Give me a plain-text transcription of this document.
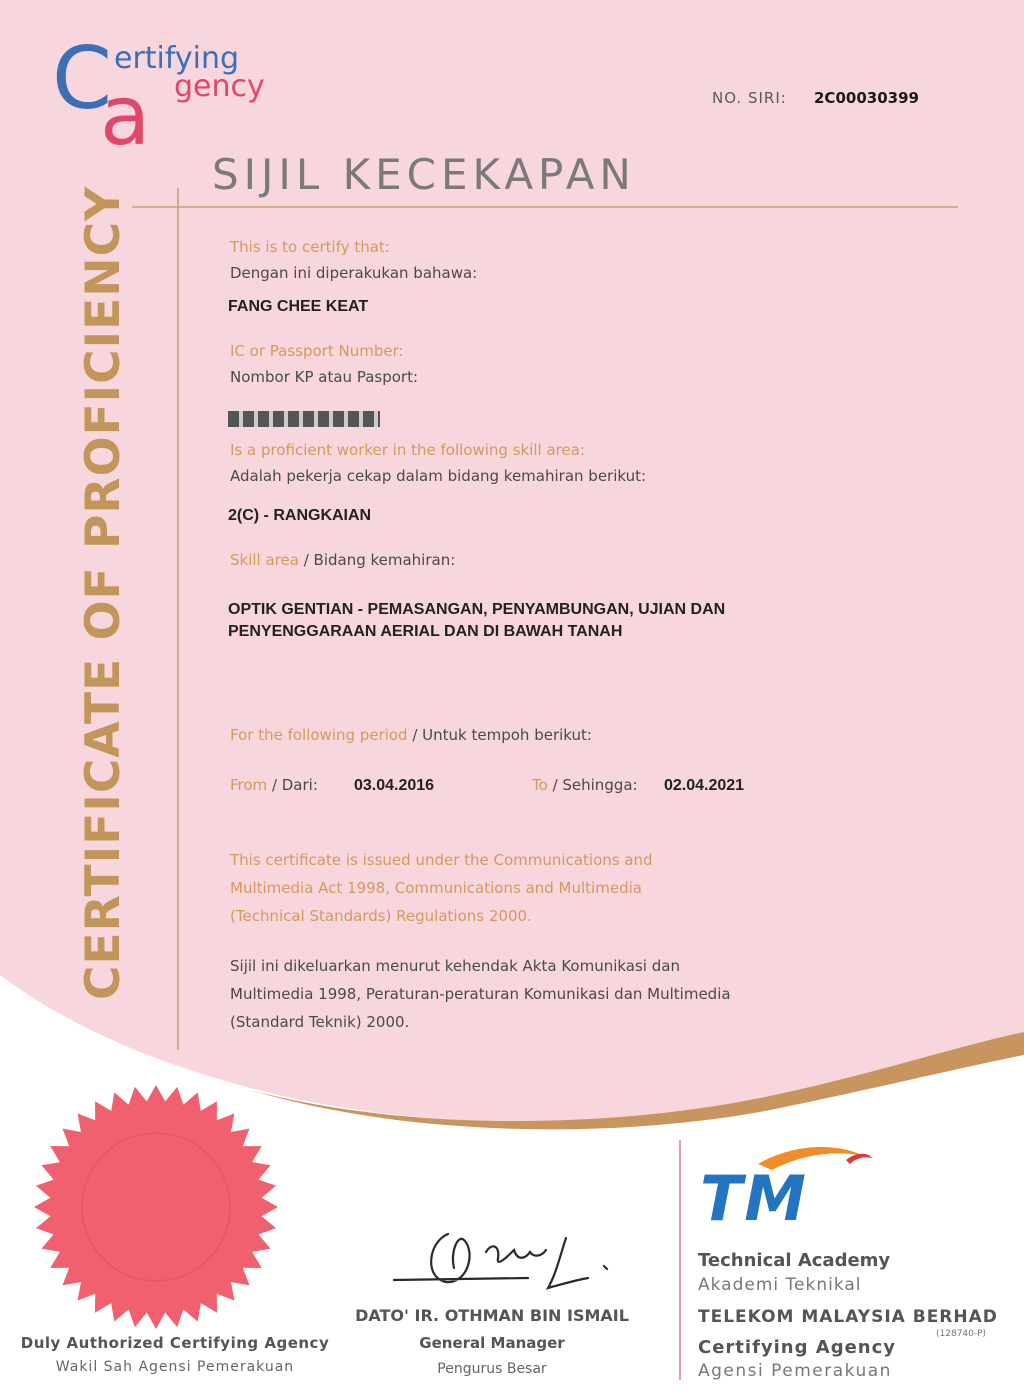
C
a
ertifying
gency	NO. SIRI: 2C00030399
SIJIL KECEKAPAN
CERTIFICATE OF PROFICIENCY	This is to certify that:
Dengan ini diperakukan bahawa:
FANG CHEE KEAT
IC or Passport Number:
Nombor KP atau Pasport:
Is a proficient worker in the following skill area:
Adalah pekerja cekap dalam bidang kemahiran berikut:
2(C) - RANGKAIAN
Skill area / Bidang kemahiran:
OPTIK GENTIAN - PEMASANGAN, PENYAMBUNGAN, UJIAN DAN
PENYENGGARAAN AERIAL DAN DI BAWAH TANAH
For the following period / Untuk tempoh berikut:
From / Dari: 03.04.2016	To / Sehingga: 02.04.2021
This certificate is issued under the Communications and
Multimedia Act 1998, Communications and Multimedia
(Technical Standards) Regulations 2000.
Sijil ini dikeluarkan menurut kehendak Akta Komunikasi dan
Multimedia 1998, Peraturan-peraturan Komunikasi dan Multimedia
(Standard Teknik) 2000.
Duly Authorized Certifying Agency
Wakil Sah Agensi Pemerakuan
DATO' IR. OTHMAN BIN ISMAIL
General Manager
Pengurus Besar
TM
Technical Academy
Akademi Teknikal
TELEKOM MALAYSIA BERHAD
(128740-P)
Certifying Agency
Agensi Pemerakuan
